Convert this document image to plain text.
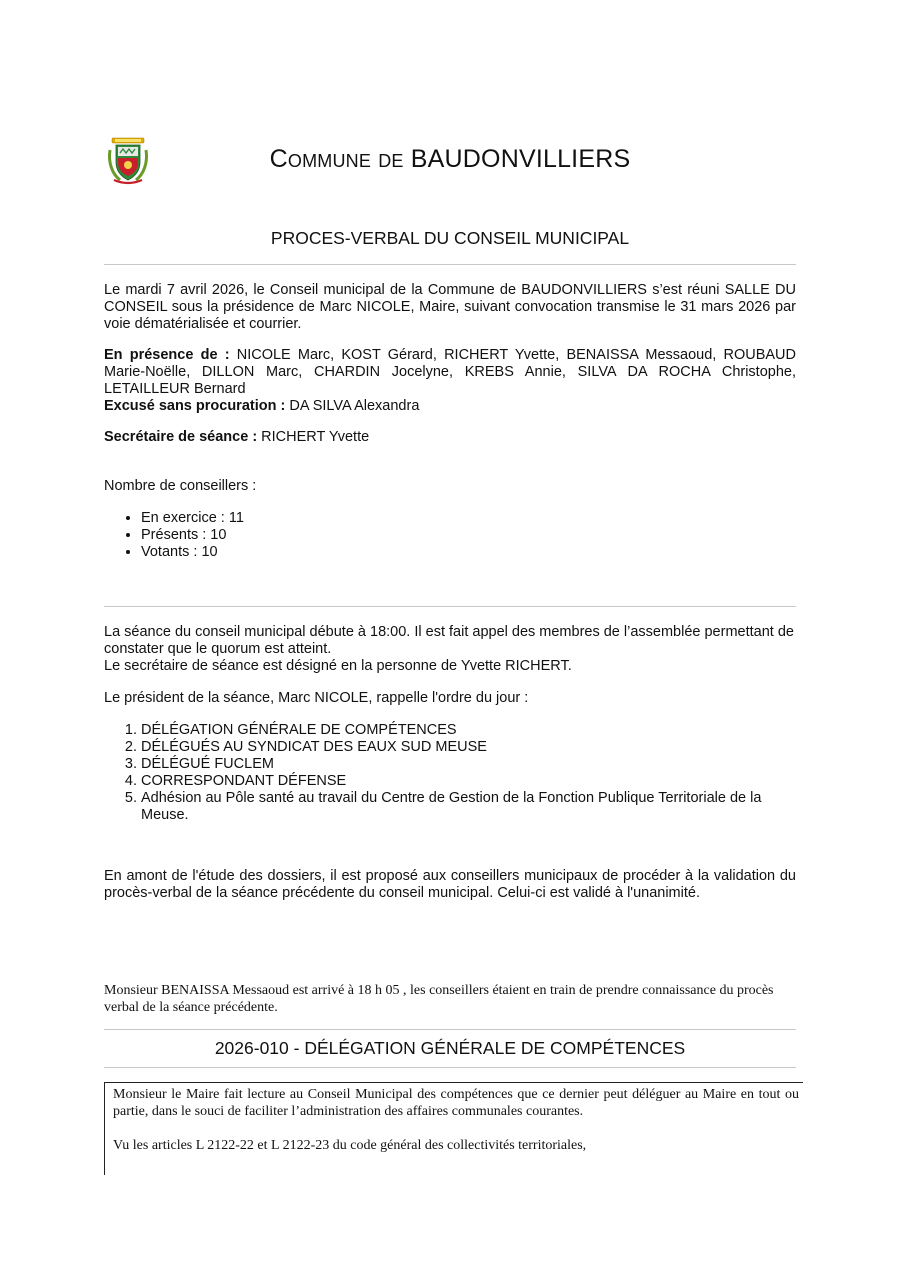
Commune de BAUDONVILLIERS
PROCES-VERBAL DU CONSEIL MUNICIPAL

Le mardi 7 avril 2026, le Conseil municipal de la Commune de BAUDONVILLIERS s’est réuni SALLE DU CONSEIL sous la présidence de Marc NICOLE, Maire, suivant convocation transmise le 31 mars 2026 par voie dématérialisée et courrier.

En présence de : NICOLE Marc, KOST Gérard, RICHERT Yvette, BENAISSA Messaoud, ROUBAUD Marie-Noëlle, DILLON Marc, CHARDIN Jocelyne, KREBS Annie, SILVA DA ROCHA Christophe, LETAILLEUR Bernard

Excusé sans procuration : DA SILVA Alexandra

Secrétaire de séance : RICHERT Yvette

Nombre de conseillers :

• En exercice : 11
• Présents : 10
• Votants : 10

La séance du conseil municipal débute à 18:00. Il est fait appel des membres de l’assemblée permettant de constater que le quorum est atteint.

Le secrétaire de séance est désigné en la personne de Yvette RICHERT.

Le président de la séance, Marc NICOLE, rappelle l'ordre du jour :

1. DÉLÉGATION GÉNÉRALE DE COMPÉTENCES
2. DÉLÉGUÉS AU SYNDICAT DES EAUX SUD MEUSE
3. DÉLÉGUÉ FUCLEM
4. CORRESPONDANT DÉFENSE
5. Adhésion au Pôle santé au travail du Centre de Gestion de la Fonction Publique Territoriale de la Meuse.

En amont de l'étude des dossiers, il est proposé aux conseillers municipaux de procéder à la validation du procès-verbal de la séance précédente du conseil municipal. Celui-ci est validé à l'unanimité.

Monsieur BENAISSA Messaoud est arrivé à 18 h 05 , les conseillers étaient en train de prendre connaissance du procès verbal de la séance précédente.

2026-010 - DÉLÉGATION GÉNÉRALE DE COMPÉTENCES

Monsieur le Maire fait lecture au Conseil Municipal des compétences que ce dernier peut déléguer au Maire en tout ou partie, dans le souci de faciliter l’administration des affaires communales courantes.

Vu les articles L 2122-22 et L 2122-23 du code général des collectivités territoriales,
